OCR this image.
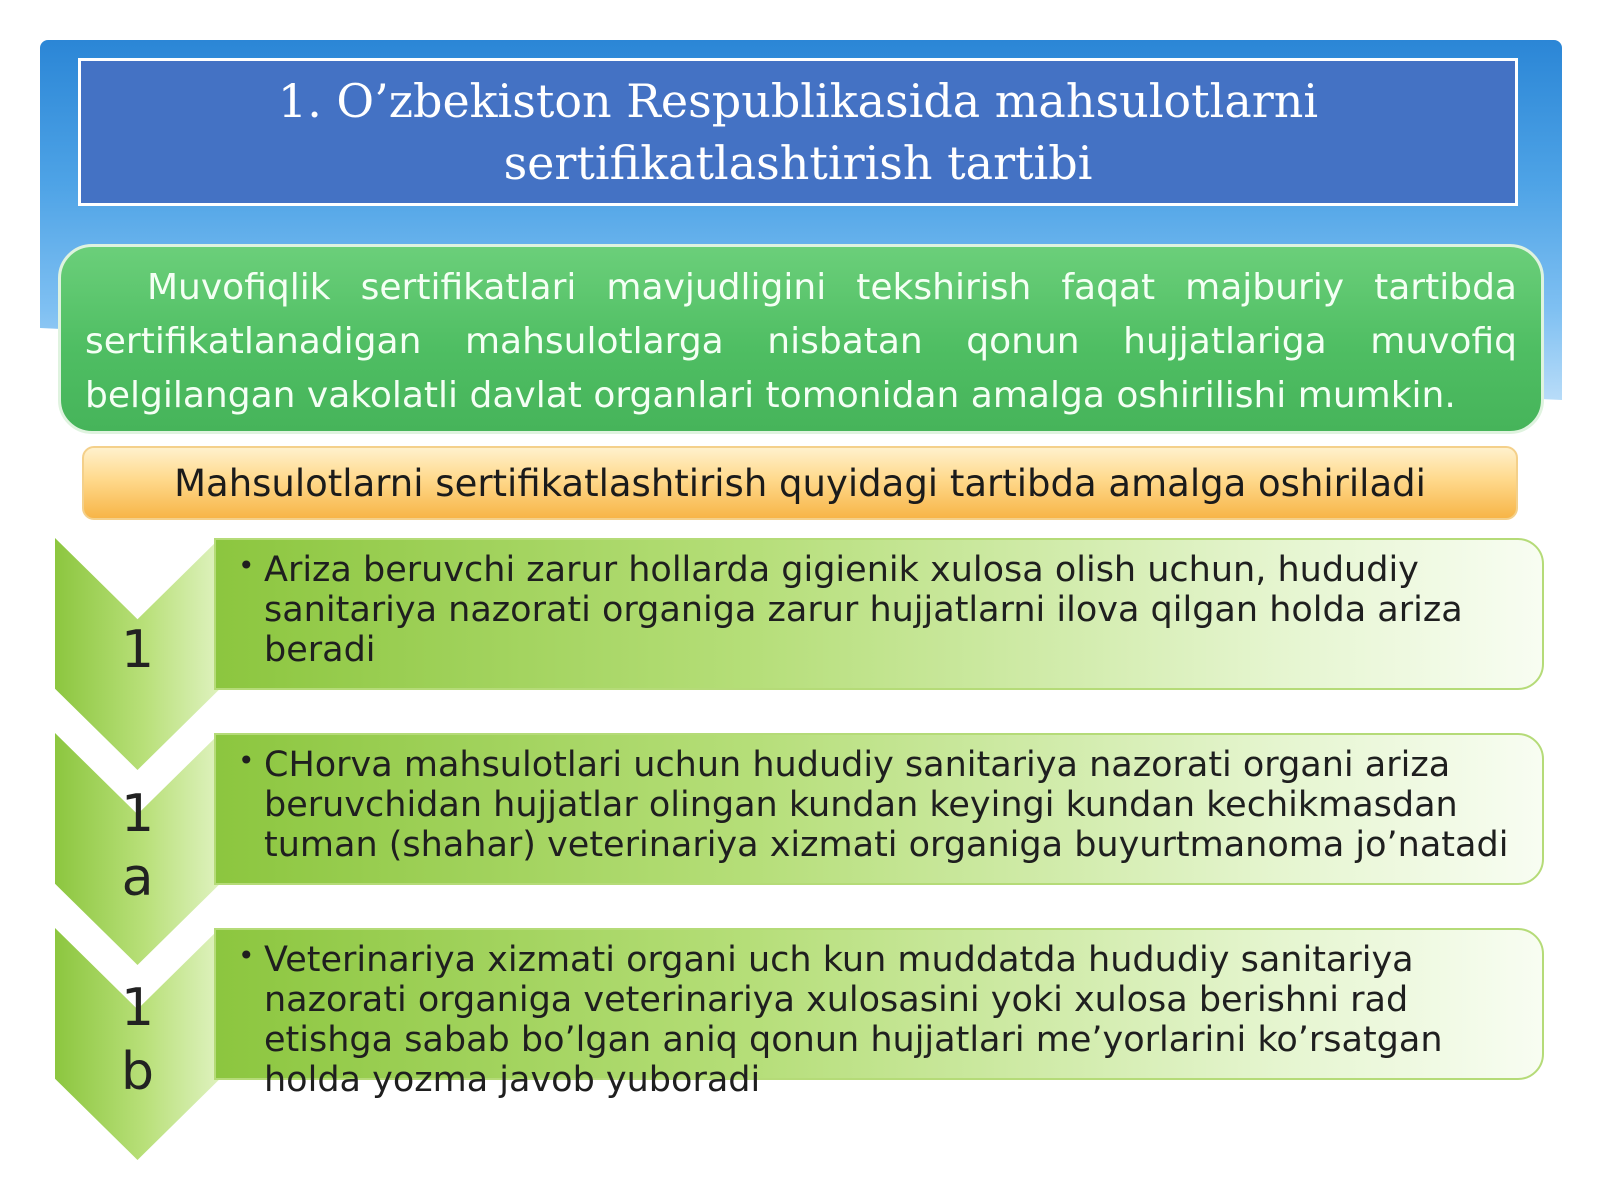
1. O’zbekiston Respublikasida mahsulotlarni sertifikatlashtirish tartibi
Muvofiqlik sertifikatlari mavjudligini tekshirish faqat majburiy tartibda sertifikatlanadigan mahsulotlarga nisbatan qonun hujjatlariga muvofiq belgilangan vakolatli davlat organlari tomonidan amalga oshirilishi mumkin.
Mahsulotlarni sertifikatlashtirish quyidagi tartibda amalga oshiriladi
1
• Ariza beruvchi zarur hollarda gigienik xulosa olish uchun, hududiy sanitariya nazorati organiga zarur hujjatlarni ilova qilgan holda ariza beradi
1
a
• CHorva mahsulotlari uchun hududiy sanitariya nazorati organi ariza beruvchidan hujjatlar olingan kundan keyingi kundan kechikmasdan tuman (shahar) veterinariya xizmati organiga buyurtmanoma jo’natadi
1
b
• Veterinariya xizmati organi uch kun muddatda hududiy sanitariya nazorati organiga veterinariya xulosasini yoki xulosa berishni rad etishga sabab bo’lgan aniq qonun hujjatlari me’yorlarini ko’rsatgan holda yozma javob yuboradi
